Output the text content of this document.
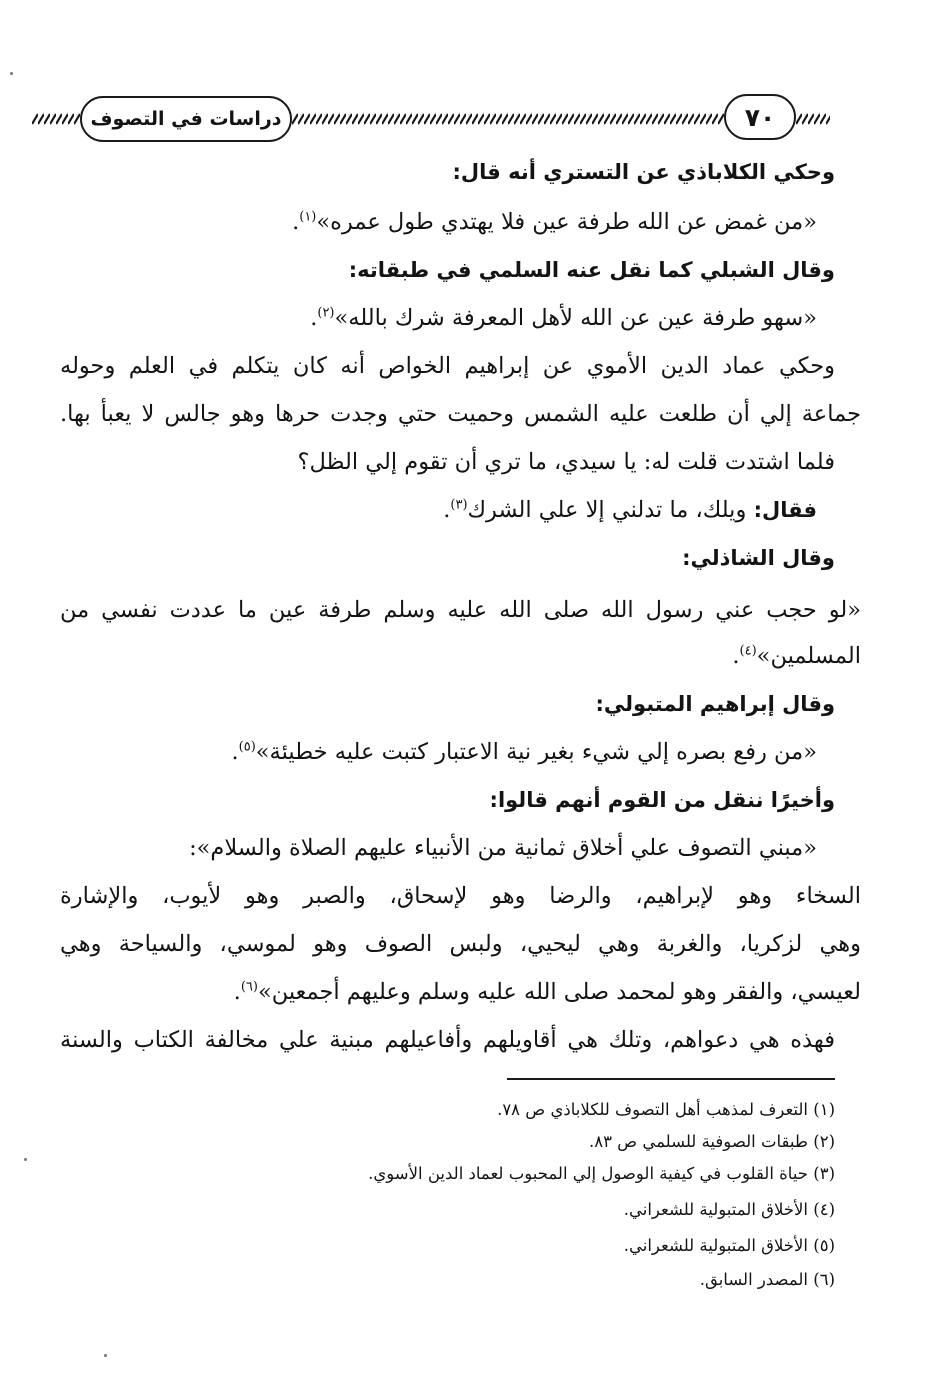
دراسات في التصوف	٧٠
وحكي الكلاباذي عن التستري أنه قال:
«من غمض عن الله طرفة عين فلا يهتدي طول عمره»$^{(١)}$.
وقال الشبلي كما نقل عنه السلمي في طبقاته:
«سهو طرفة عين عن الله لأهل المعرفة شرك بالله»$^{(٢)}$.
وحكي عماد الدين الأموي عن إبراهيم الخواص أنه كان يتكلم في العلم وحوله
جماعة إلي أن طلعت عليه الشمس وحميت حتي وجدت حرها وهو جالس لا يعبأ بها.
فلما اشتدت قلت له: يا سيدي، ما تري أن تقوم إلي الظل؟
فقال: ويلك، ما تدلني إلا علي الشرك$^{(٣)}$.
وقال الشاذلي:
«لو حجب عني رسول الله صلى الله عليه وسلم طرفة عين ما عددت نفسي من
المسلمين»$^{(٤)}$.
وقال إبراهيم المتبولي:
«من رفع بصره إلي شيء بغير نية الاعتبار كتبت عليه خطيئة»$^{(٥)}$.
وأخيرًا ننقل من القوم أنهم قالوا:
«مبني التصوف علي أخلاق ثمانية من الأنبياء عليهم الصلاة والسلام»:
السخاء وهو لإبراهيم، والرضا وهو لإسحاق، والصبر وهو لأيوب، والإشارة
وهي لزكريا، والغربة وهي ليحيي، ولبس الصوف وهو لموسي، والسياحة وهي
لعيسي، والفقر وهو لمحمد صلى الله عليه وسلم وعليهم أجمعين»$^{(٦)}$.
فهذه هي دعواهم، وتلك هي أقاويلهم وأفاعيلهم مبنية علي مخالفة الكتاب والسنة
(١) التعرف لمذهب أهل التصوف للكلاباذي ص ٧٨.
(٢) طبقات الصوفية للسلمي ص ٨٣.
(٣) حياة القلوب في كيفية الوصول إلي المحبوب لعماد الدين الأسوي.
(٤) الأخلاق المتبولية للشعراني.
(٥) الأخلاق المتبولية للشعراني.
(٦) المصدر السابق.
